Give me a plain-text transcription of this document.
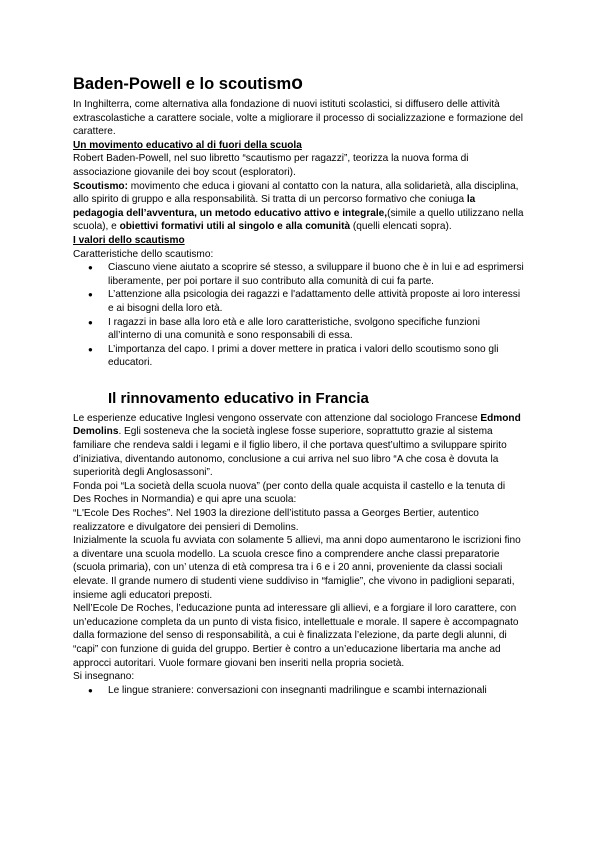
Baden-Powell e lo scoutismo

In Inghilterra, come alternativa alla fondazione di nuovi istituti scolastici, si diffusero delle attività extrascolastiche a carattere sociale, volte a migliorare il processo di socializzazione e formazione del carattere.

Un movimento educativo al di fuori della scuola

Robert Baden-Powell, nel suo libretto “scautismo per ragazzi”, teorizza la nuova forma di associazione giovanile dei boy scout (esploratori).

Scoutismo: movimento che educa i giovani al contatto con la natura, alla solidarietà, alla disciplina, allo spirito di gruppo e alla responsabilità. Si tratta di un percorso formativo che coniuga la pedagogia dell’avventura, un metodo educativo attivo e integrale,(simile a quello utilizzano nella scuola), e obiettivi formativi utili al singolo e alla comunità (quelli elencati sopra).

I valori dello scautismo

Caratteristiche dello scautismo:

● Ciascuno viene aiutato a scoprire sé stesso, a sviluppare il buono che è in lui e ad esprimersi liberamente, per poi portare il suo contributo alla comunità di cui fa parte.
● L’attenzione alla psicologia dei ragazzi e l'adattamento delle attività proposte ai loro interessi e ai bisogni della loro età.
● I ragazzi in base alla loro età e alle loro caratteristiche, svolgono specifiche funzioni all’interno di una comunità e sono responsabili di essa.
● L’importanza del capo. I primi a dover mettere in pratica i valori dello scoutismo sono gli educatori.
Il rinnovamento educativo in Francia

Le esperienze educative Inglesi vengono osservate con attenzione dal sociologo Francese Edmond Demolins. Egli sosteneva che la società inglese fosse superiore, soprattutto grazie al sistema familiare che rendeva saldi i legami e il figlio libero, il che portava quest’ultimo a sviluppare spirito d’iniziativa, diventando autonomo, conclusione a cui arriva nel suo libro “A che cosa è dovuta la superiorità degli Anglosassoni”.

Fonda poi “La società della scuola nuova” (per conto della quale acquista il castello e la tenuta di Des Roches in Normandia) e qui apre una scuola:

“L'Ecole Des Roches”. Nel 1903 la direzione dell’istituto passa a Georges Bertier, autentico realizzatore e divulgatore dei pensieri di Demolins.

Inizialmente la scuola fu avviata con solamente 5 allievi, ma anni dopo aumentarono le iscrizioni fino a diventare una scuola modello. La scuola cresce fino a comprendere anche classi preparatorie (scuola primaria), con un’ utenza di età compresa tra i 6 e i 20 anni, proveniente da classi sociali elevate. Il grande numero di studenti viene suddiviso in “famiglie”, che vivono in padiglioni separati, insieme agli educatori preposti.

Nell’Ecole De Roches, l’educazione punta ad interessare gli allievi, e a forgiare il loro carattere, con un’educazione completa da un punto di vista fisico, intellettuale e morale. Il sapere è accompagnato dalla formazione del senso di responsabilità, a cui è finalizzata l’elezione, da parte degli alunni, di “capi” con funzione di guida del gruppo. Bertier è contro a un’educazione libertaria ma anche ad approcci autoritari. Vuole formare giovani ben inseriti nella propria società.

Si insegnano:

● Le lingue straniere: conversazioni con insegnanti madrilingue e scambi internazionali
